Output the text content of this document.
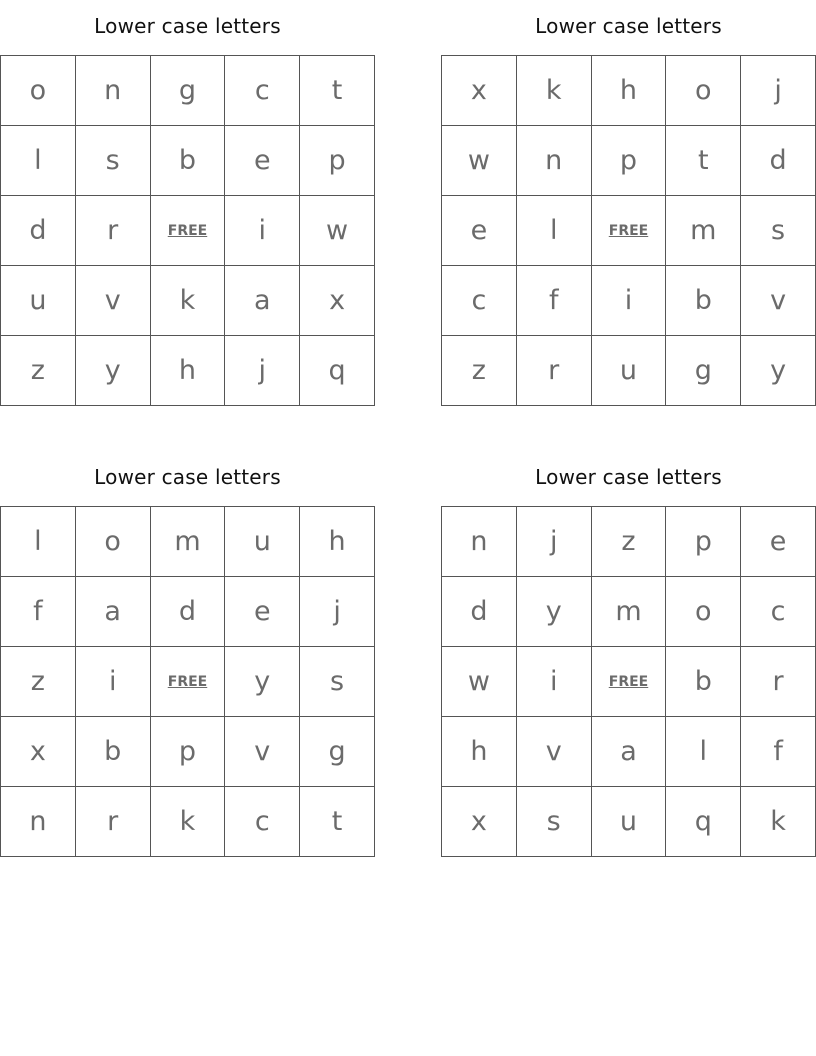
Lower case letters
o	n	g	c	t
l	s	b	e	p
d	r	FREE	i	w
u	v	k	a	x
z	y	h	j	q
Lower case letters
x	k	h	o	j
w	n	p	t	d
e	l	FREE	m	s
c	f	i	b	v
z	r	u	g	y
Lower case letters
l	o	m	u	h
f	a	d	e	j
z	i	FREE	y	s
x	b	p	v	g
n	r	k	c	t
Lower case letters
n	j	z	p	e
d	y	m	o	c
w	i	FREE	b	r
h	v	a	l	f
x	s	u	q	k
